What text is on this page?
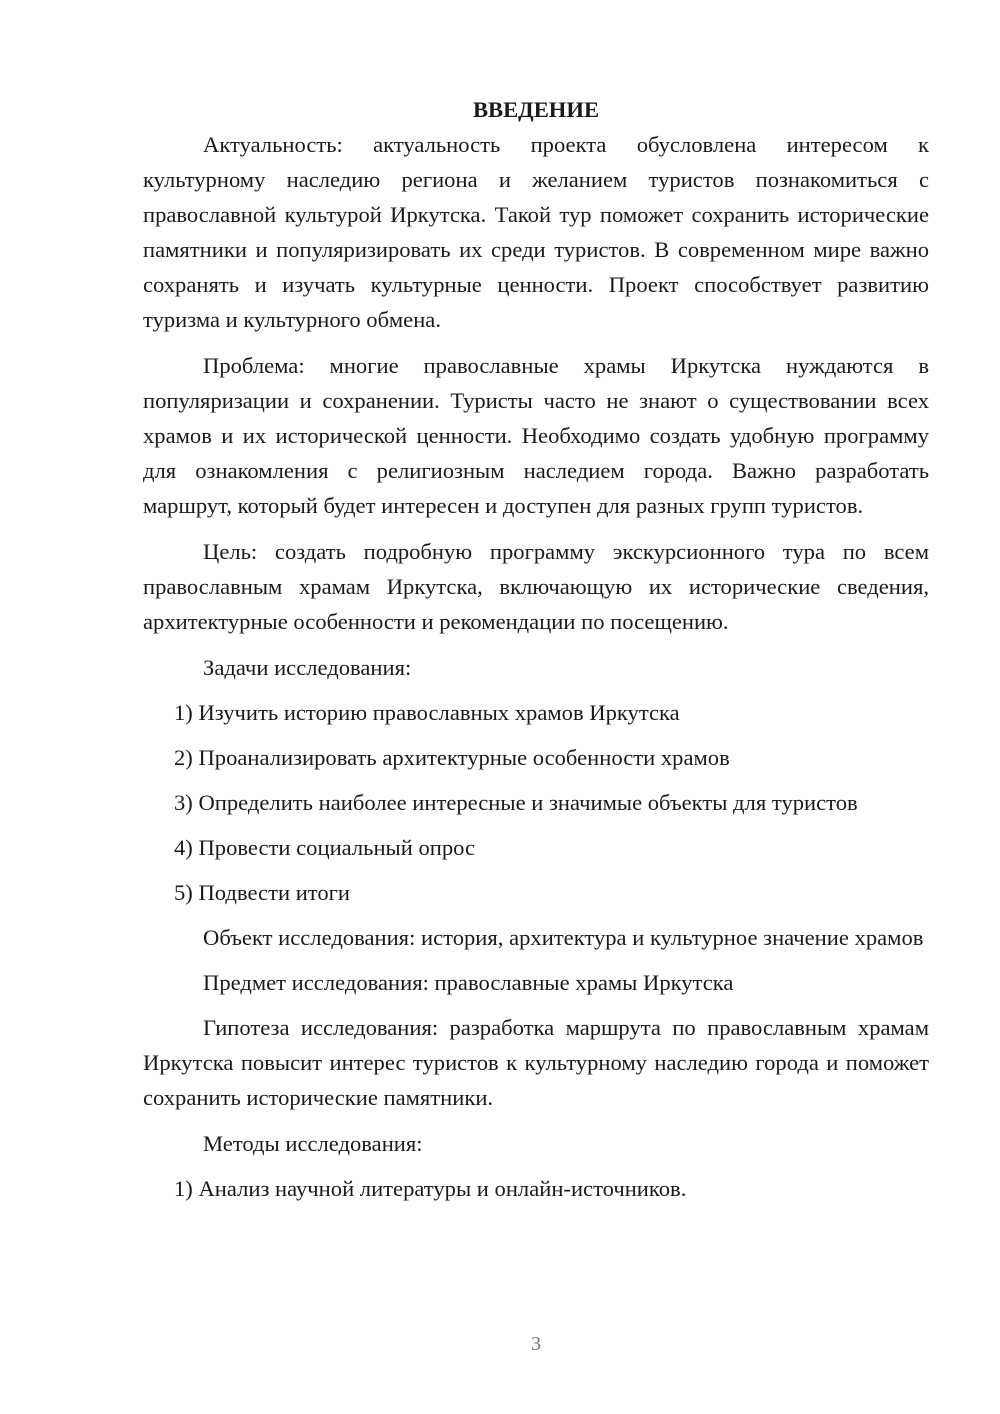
ВВЕДЕНИЕ

Актуальность: актуальность проекта обусловлена интересом к культурному наследию региона и желанием туристов познакомиться с православной культурой Иркутска. Такой тур поможет сохранить исторические памятники и популяризировать их среди туристов. В современном мире важно сохранять и изучать культурные ценности. Проект способствует развитию туризма и культурного обмена.

Проблема: многие православные храмы Иркутска нуждаются в популяризации и сохранении. Туристы часто не знают о существовании всех храмов и их исторической ценности. Необходимо создать удобную программу для ознакомления с религиозным наследием города. Важно разработать маршрут, который будет интересен и доступен для разных групп туристов.

Цель: создать подробную программу экскурсионного тура по всем православным храмам Иркутска, включающую их исторические сведения, архитектурные особенности и рекомендации по посещению.

Задачи исследования:

1) Изучить историю православных храмов Иркутска

2) Проанализировать архитектурные особенности храмов

3) Определить наиболее интересные и значимые объекты для туристов

4) Провести социальный опрос

5) Подвести итоги

Объект исследования: история, архитектура и культурное значение храмов

Предмет исследования: православные храмы Иркутска

Гипотеза исследования: разработка маршрута по православным храмам Иркутска повысит интерес туристов к культурному наследию города и поможет сохранить исторические памятники.

Методы исследования:

1) Анализ научной литературы и онлайн-источников.

3
